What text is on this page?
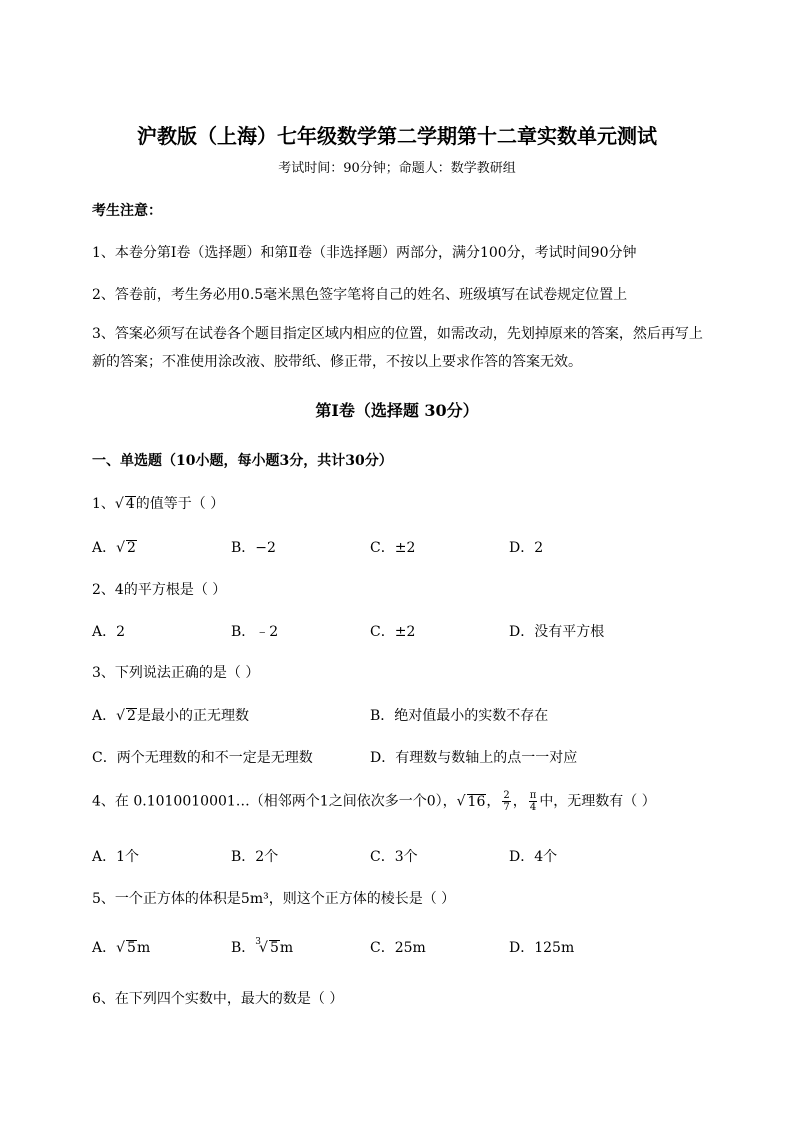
沪教版（上海）七年级数学第二学期第十二章实数单元测试
考试时间：90分钟；命题人：数学教研组
考生注意：
1、本卷分第I卷（选择题）和第Ⅱ卷（非选择题）两部分，满分100分，考试时间90分钟
2、答卷前，考生务必用0.5毫米黑色签字笔将自己的姓名、班级填写在试卷规定位置上
3、答案必须写在试卷各个题目指定区域内相应的位置，如需改动，先划掉原来的答案，然后再写上新的答案；不准使用涂改液、胶带纸、修正带，不按以上要求作答的答案无效。
第I卷（选择题 30分）
一、单选题（10小题，每小题3分，共计30分）
1、√ 4的值等于（ ）
A．√ 2	B．−2	C．±2	D．2
2、4的平方根是（ ）
A．2	B．﹣2	C．±2	D．没有平方根
3、下列说法正确的是（ ）
A．√ 2是最小的正无理数	B．绝对值最小的实数不存在
C．两个无理数的和不一定是无理数	D．有理数与数轴上的点一一对应
4、在 0.1010010001…（相邻两个1之间依次多一个0），√ 16， $\frac{2}{7}$ ， $\frac{\pi}{4}$ 中，无理数有（ ）
A．1个	B．2个	C．3个	D．4个
5、一个正方体的体积是5m³，则这个正方体的棱长是（ ）
A．√ 5m	B．$^3$√ 5m	C．25m	D．125m
6、在下列四个实数中，最大的数是（ ）
